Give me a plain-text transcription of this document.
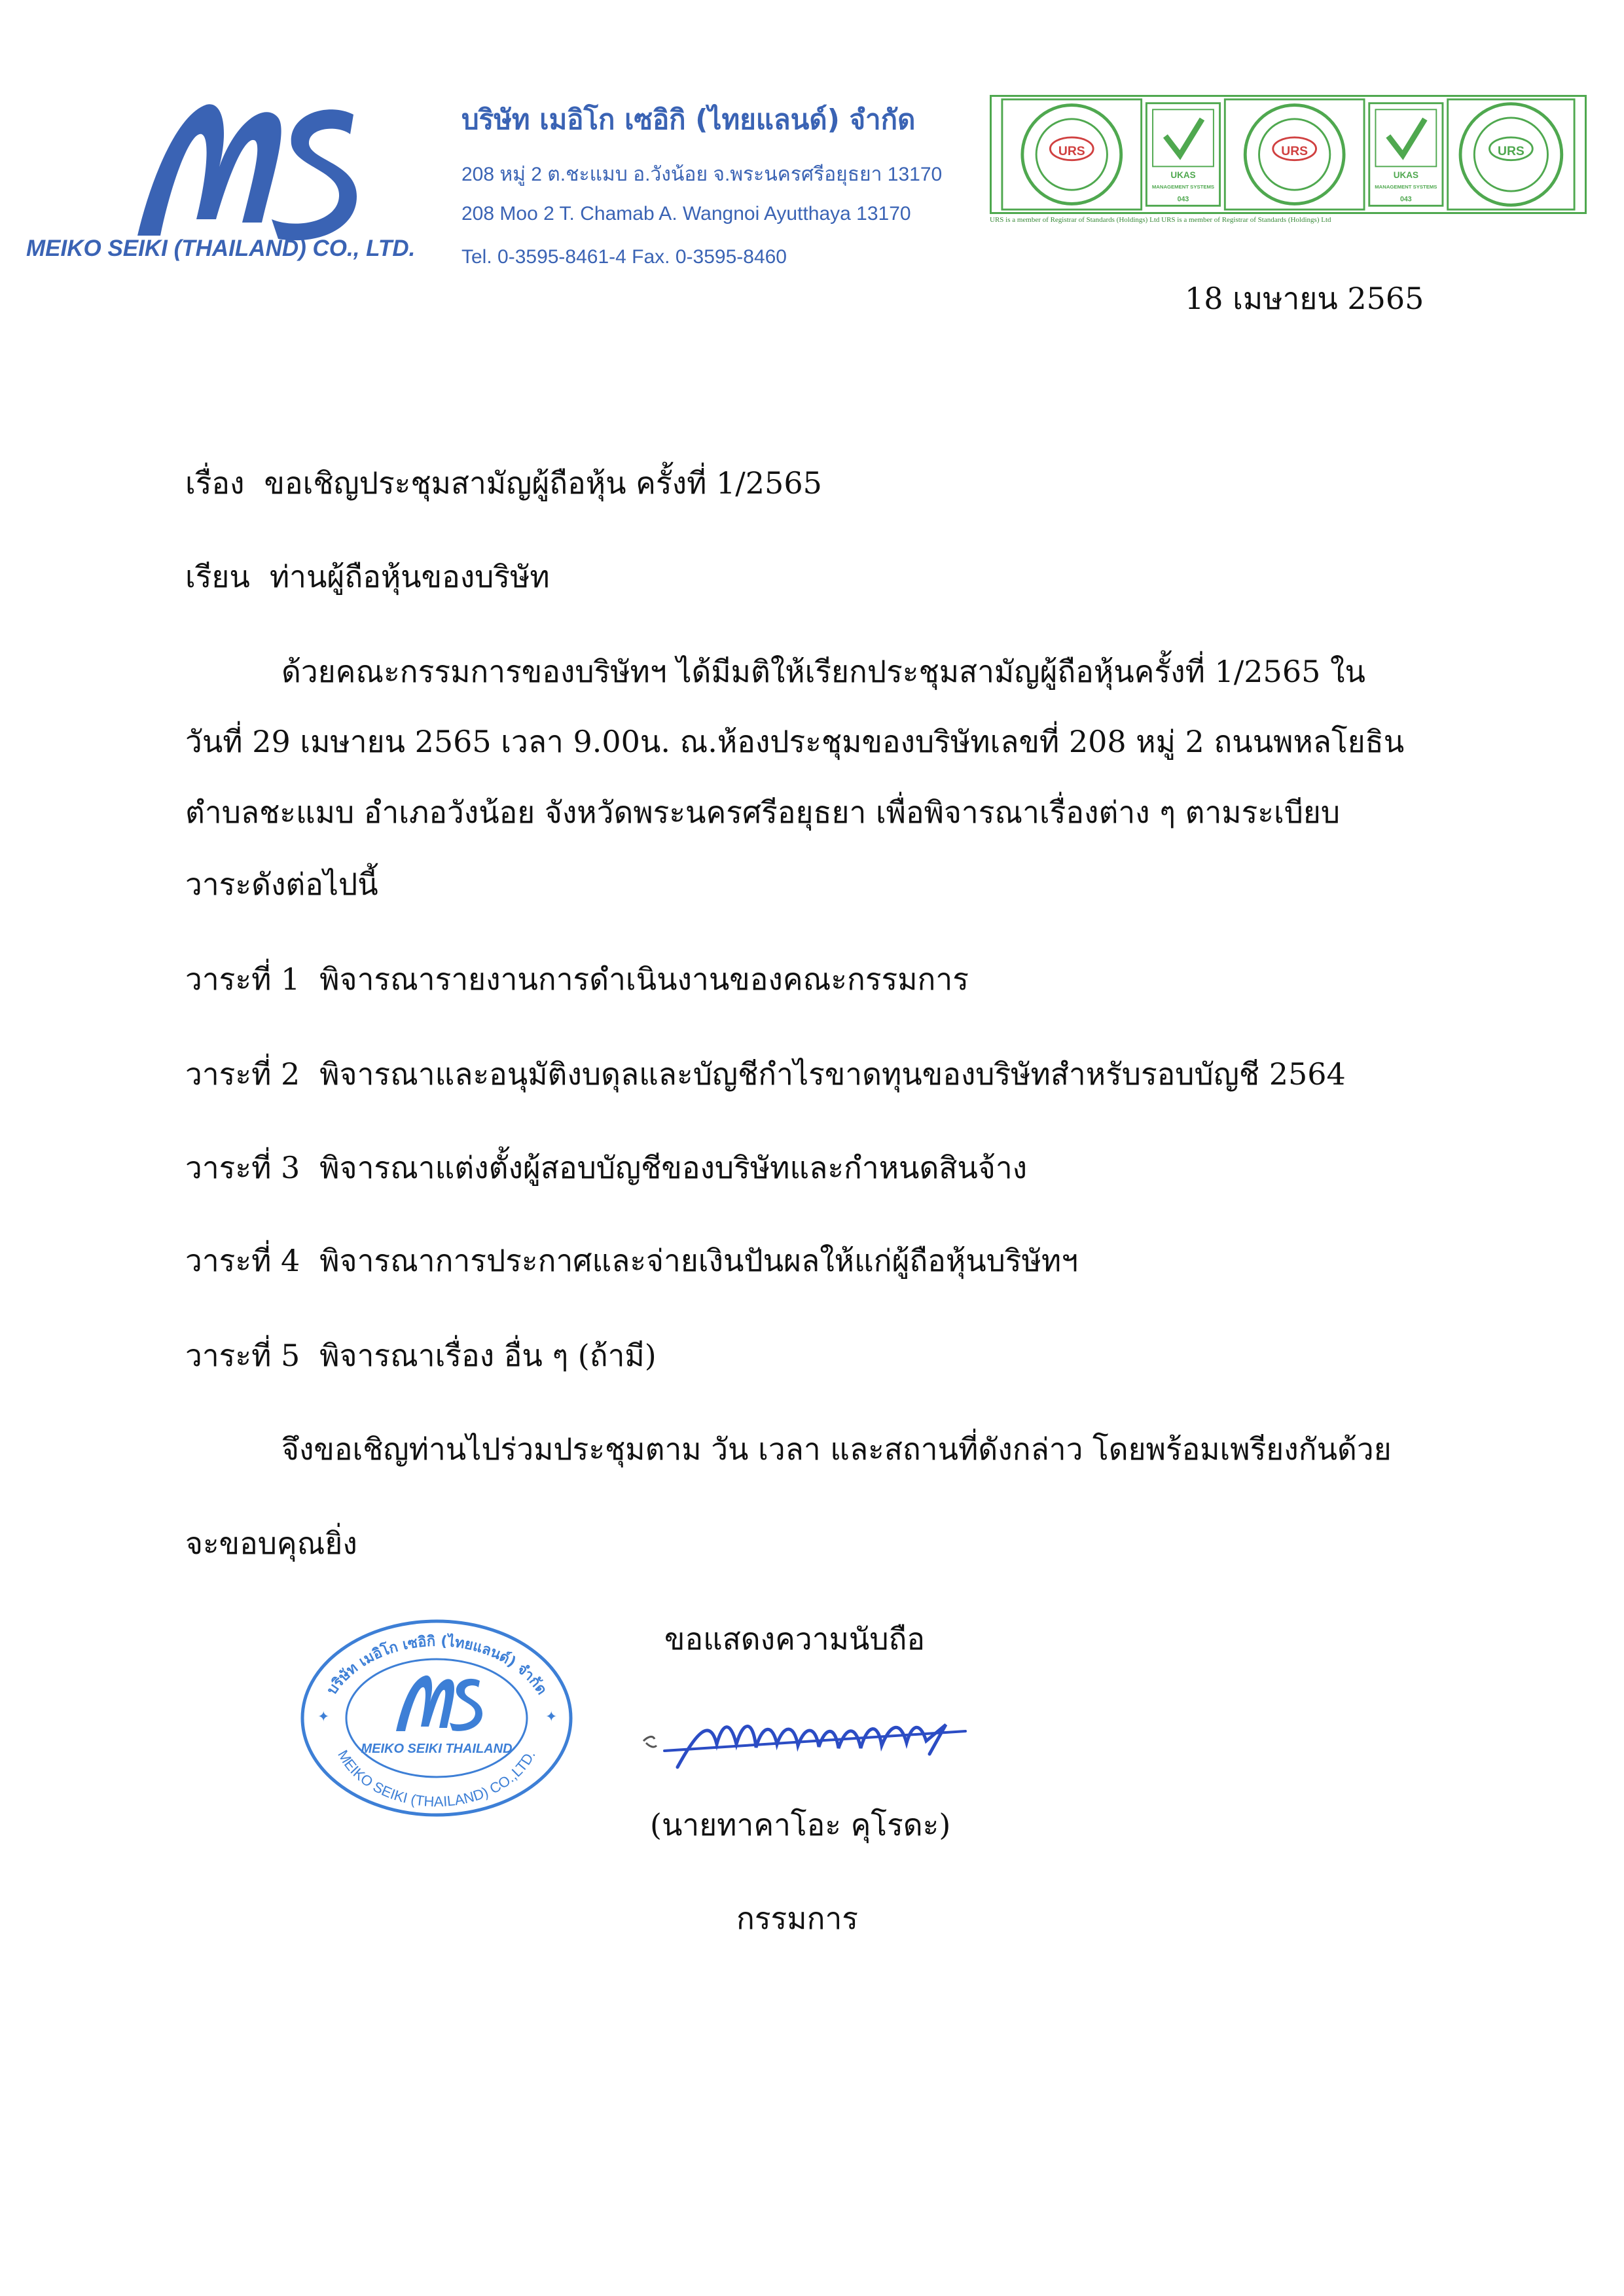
MS
MEIKO SEIKI (THAILAND) CO., LTD.
บริษัท เมอิโก เซอิกิ (ไทยแลนด์) จำกัด
208 หมู่ 2 ต.ชะแมบ อ.วังน้อย จ.พระนครศรีอยุธยา 13170
208 Moo 2 T. Chamab A. Wangnoi Ayutthaya 13170
Tel. 0-3595-8461-4 Fax. 0-3595-8460
URS
ISO 9001
UKAS
MANAGEMENT SYSTEMS
043
URS
ISO 14001
UKAS
MANAGEMENT SYSTEMS
043
URS
IATF 16949
URS is a member of Registrar of Standards (Holdings) Ltd URS is a member of Registrar of Standards (Holdings) Ltd
18 เมษายน 2565
เรื่อง ขอเชิญประชุมสามัญผู้ถือหุ้น ครั้งที่ 1/2565
เรียน ท่านผู้ถือหุ้นของบริษัท
ด้วยคณะกรรมการของบริษัทฯ ได้มีมติให้เรียกประชุมสามัญผู้ถือหุ้นครั้งที่ 1/2565 ใน
วันที่ 29 เมษายน 2565 เวลา 9.00น. ณ.ห้องประชุมของบริษัทเลขที่ 208 หมู่ 2 ถนนพหลโยธิน
ตำบลชะแมบ อำเภอวังน้อย จังหวัดพระนครศรีอยุธยา เพื่อพิจารณาเรื่องต่าง ๆ ตามระเบียบ
วาระดังต่อไปนี้
วาระที่ 1 พิจารณารายงานการดำเนินงานของคณะกรรมการ
วาระที่ 2 พิจารณาและอนุมัติงบดุลและบัญชีกำไรขาดทุนของบริษัทสำหรับรอบบัญชี 2564
วาระที่ 3 พิจารณาแต่งตั้งผู้สอบบัญชีของบริษัทและกำหนดสินจ้าง
วาระที่ 4 พิจารณาการประกาศและจ่ายเงินปันผลให้แก่ผู้ถือหุ้นบริษัทฯ
วาระที่ 5 พิจารณาเรื่อง อื่น ๆ (ถ้ามี)
จึงขอเชิญท่านไปร่วมประชุมตาม วัน เวลา และสถานที่ดังกล่าว โดยพร้อมเพรียงกันด้วย
จะขอบคุณยิ่ง
ขอแสดงความนับถือ
MS
MEIKO SEIKI THAILAND
บริษัท เมอิโก เซอิกิ (ไทยแลนด์) จำกัด
MEIKO SEIKI (THAILAND) CO.,LTD.
✦	✦
(นายทาคาโอะ คุโรดะ)
กรรมการ
